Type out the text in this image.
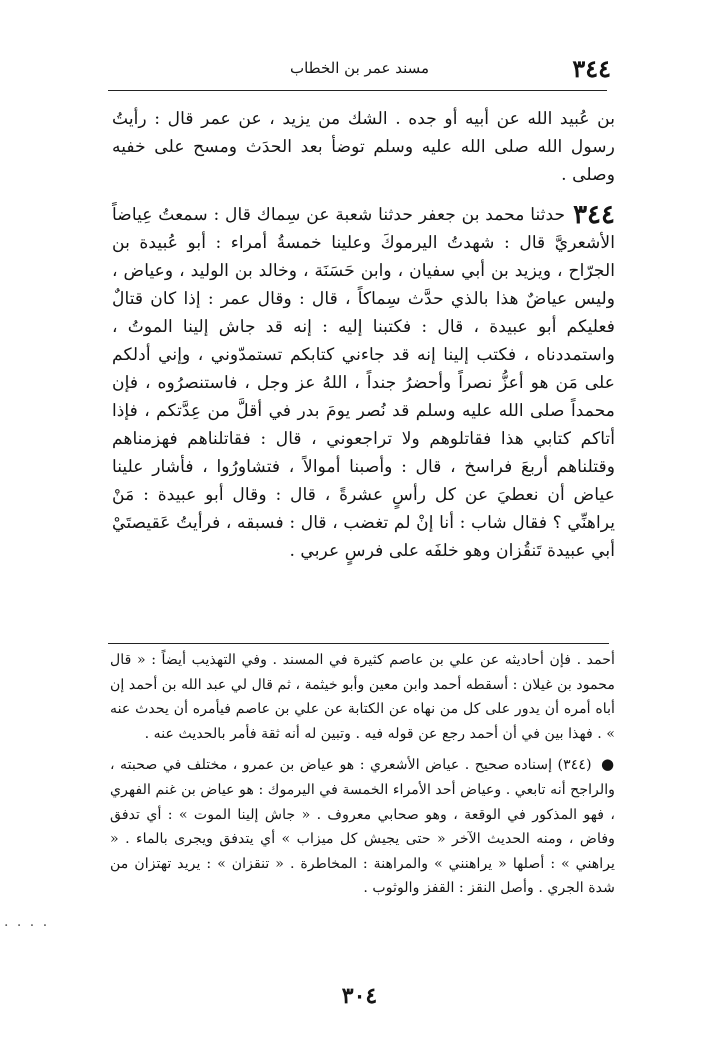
٣٤٤
مسند عمر بن الخطاب

بن عُبيد الله عن أبيه أو جده . الشك من يزيد ، عن عمر قال : رأيتُ رسول الله صلى الله عليه وسلم توضأ بعد الحدَث ومسح على خفيه وصلى .

٣٤٤حدثنا محمد بن جعفر حدثنا شعبة عن سِماك قال : سمعتُ عِياضاً الأشعريَّ قال : شهدتُ اليرموكَ وعلينا خمسةُ أمراء : أبو عُبيدة بن الجرّاح ، ويزيد بن أبي سفيان ، وابن حَسَنَة ، وخالد بن الوليد ، وعياض ، وليس عياضٌ هذا بالذي حدَّث سِماكاً ، قال : وقال عمر : إذا كان قتالٌ فعليكم أبو عبيدة ، قال : فكتبنا إليه : إنه قد جاش إلينا الموتُ ، واستمددناه ، فكتب إلينا إنه قد جاءني كتابكم تستمدّوني ، وإني أدلكم على مَن هو أعزُّ نصراً وأحضرُ جنداً ، اللهُ عز وجل ، فاستنصرُوه ، فإن محمداً صلى الله عليه وسلم قد نُصر يومَ بدر في أقلَّ من عِدَّتكم ، فإذا أتاكم كتابي هذا فقاتلوهم ولا تراجعوني ، قال : فقاتلناهم فهزمناهم وقتلناهم أربعَ فراسخ ، قال : وأصبنا أموالاً ، فتشاورُوا ، فأشار علينا عياض أن نعطيَ عن كل رأسٍ عشرةً ، قال : وقال أبو عبيدة : مَنْ يراهنِّي ؟ فقال شاب : أنا إنْ لم تغضب ، قال : فسبقه ، فرأيتُ عَقيصتَيْ أبي عبيدة تَنقُزان وهو خلفَه على فرسٍ عربي .

أحمد . فإن أحاديثه عن علي بن عاصم كثيرة في المسند . وفي التهذيب أيضاً : « قال محمود بن غيلان : أسقطه أحمد وابن معين وأبو خيثمة ، ثم قال لي عبد الله بن أحمد إن أباه أمره أن يدور على كل من نهاه عن الكتابة عن علي بن عاصم فيأمره أن يحدث عنه » . فهذا بين في أن أحمد رجع عن قوله فيه . وتبين له أنه ثقة فأمر بالحديث عنه .

● (٣٤٤) إسناده صحيح . عياض الأشعري : هو عياض بن عمرو ، مختلف في صحبته ، والراجح أنه تابعي . وعياض أحد الأمراء الخمسة في اليرموك : هو عياض بن غنم الفهري ، فهو المذكور في الوقعة ، وهو صحابي معروف . « جاش إلينا الموت » : أي تدفق وفاض ، ومنه الحديث الآخر « حتى يجيش كل ميزاب » أي يتدفق ويجرى بالماء . « يراهني » : أصلها « يراهنني » والمراهنة : المخاطرة . « تنقزان » : يريد تهتزان من شدة الجري . وأصل النقز : القفز والوثوب .

· · · ·
٣٠٤
